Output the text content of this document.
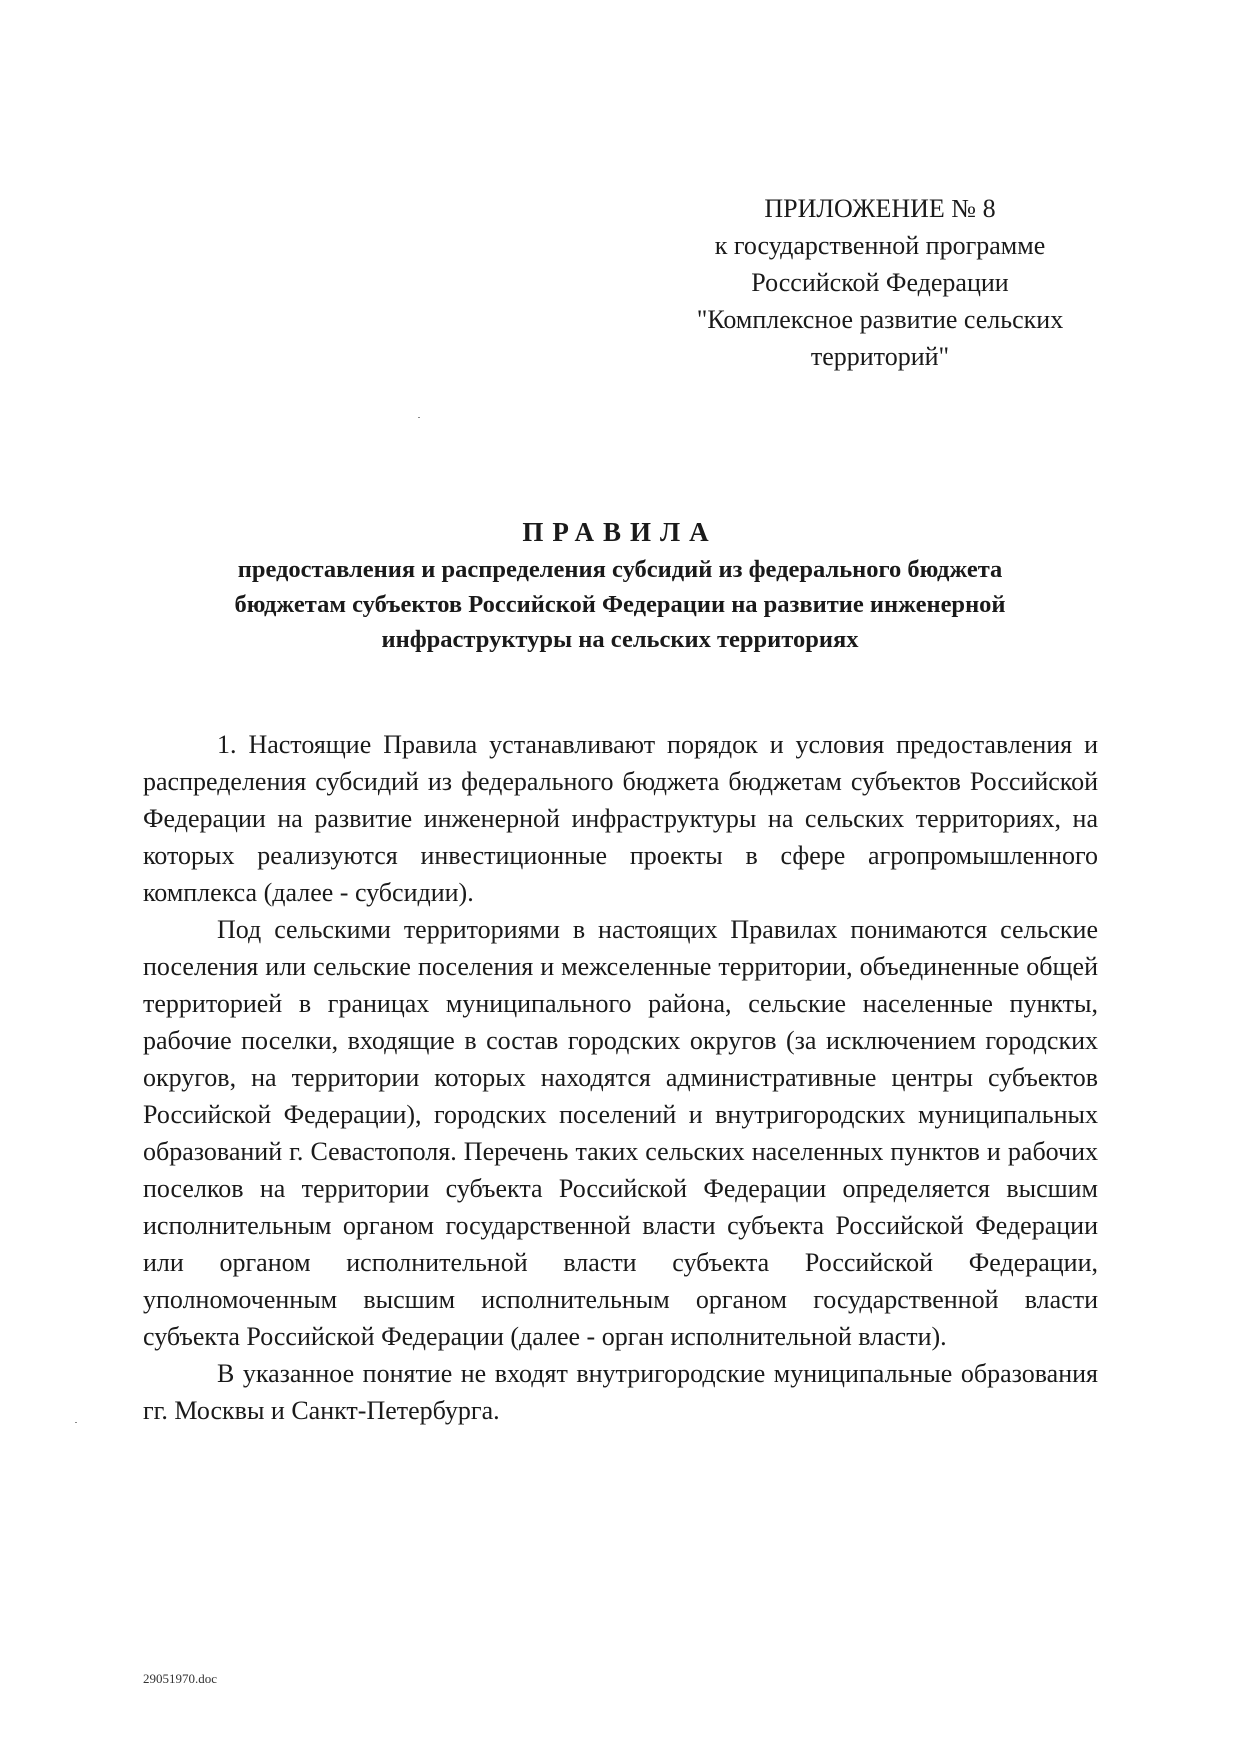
ПРИЛОЖЕНИЕ № 8
к государственной программе
Российской Федерации
"Комплексное развитие сельских
территорий"
ПРАВИЛА
предоставления и распределения субсидий из федерального бюджета
бюджетам субъектов Российской Федерации на развитие инженерной
инфраструктуры на сельских территориях

1. Настоящие Правила устанавливают порядок и условия предоставления и распределения субсидий из федерального бюджета бюджетам субъектов Российской Федерации на развитие инженерной инфраструктуры на сельских территориях, на которых реализуются инвестиционные проекты в сфере агропромышленного комплекса (далее - субсидии).

Под сельскими территориями в настоящих Правилах понимаются сельские поселения или сельские поселения и межселенные территории, объединенные общей территорией в границах муниципального района, сельские населенные пункты, рабочие поселки, входящие в состав городских округов (за исключением городских округов, на территории которых находятся административные центры субъектов Российской Федерации), городских поселений и внутригородских муниципальных образований г. Севастополя. Перечень таких сельских населенных пунктов и рабочих поселков на территории субъекта Российской Федерации определяется высшим исполнительным органом государственной власти субъекта Российской Федерации или органом исполнительной власти субъекта Российской Федерации, уполномоченным высшим исполнительным органом государственной власти субъекта Российской Федерации (далее - орган исполнительной власти).

В указанное понятие не входят внутригородские муниципальные образования гг. Москвы и Санкт-Петербурга.

29051970.doc
